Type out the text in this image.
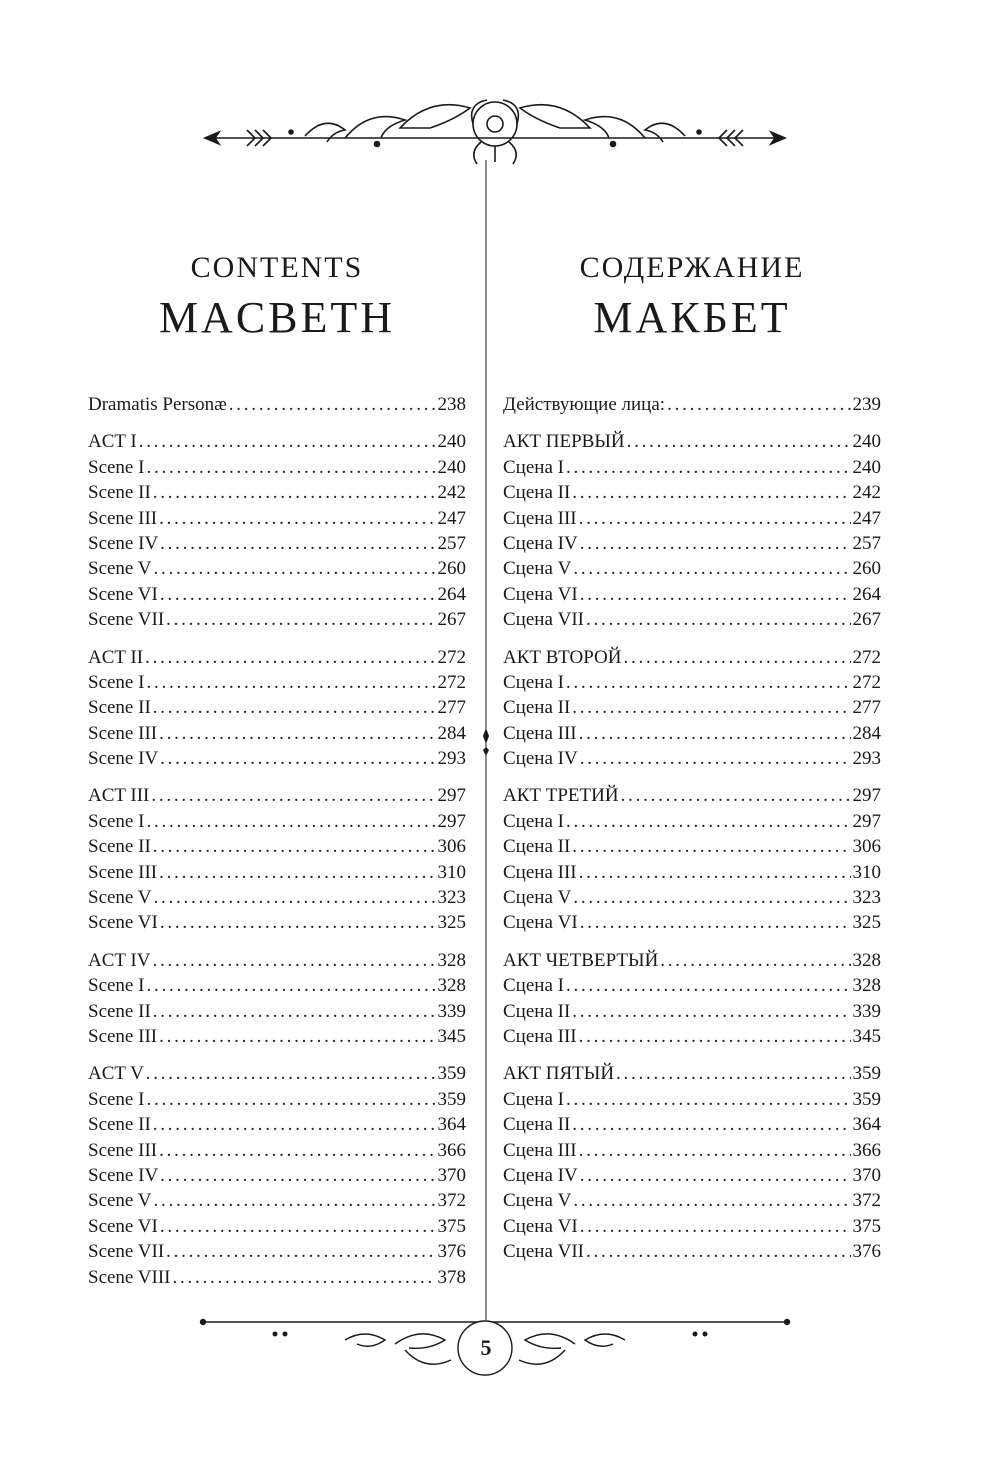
5
CONTENTS
MACBETH
Dramatis Personæ . . .	238
ACT I . . .	240
Scene I . . .	240
Scene II . . .	242
Scene III . . .	247
Scene IV . . .	257
Scene V . . .	260
Scene VI . . .	264
Scene VII . . .	267
ACT II . . .	272
Scene I . . .	272
Scene II . . .	277
Scene III . . .	284
Scene IV . . .	293
ACT III . . .	297
Scene I . . .	297
Scene II . . .	306
Scene III . . .	310
Scene V . . .	323
Scene VI . . .	325
ACT IV . . .	328
Scene I . . .	328
Scene II . . .	339
Scene III . . .	345
ACT V . . .	359
Scene I . . .	359
Scene II . . .	364
Scene III . . .	366
Scene IV . . .	370
Scene V . . .	372
Scene VI . . .	375
Scene VII . . .	376
Scene VIII . . .	378
СОДЕРЖАНИЕ
МАКБЕТ
Действующие лица: . . .	239
АКТ ПЕРВЫЙ . . .	240
Сцена I . . .	240
Сцена II . . .	242
Сцена III . . .	247
Сцена IV . . .	257
Сцена V . . .	260
Сцена VI . . .	264
Сцена VII . . .	267
АКТ ВТОРОЙ . . .	272
Сцена I . . .	272
Сцена II . . .	277
Сцена III . . .	284
Сцена IV . . .	293
АКТ ТРЕТИЙ . . .	297
Сцена I . . .	297
Сцена II . . .	306
Сцена III . . .	310
Сцена V . . .	323
Сцена VI . . .	325
АКТ ЧЕТВЕРТЫЙ . . .	328
Сцена I . . .	328
Сцена II . . .	339
Сцена III . . .	345
АКТ ПЯТЫЙ . . .	359
Сцена I . . .	359
Сцена II . . .	364
Сцена III . . .	366
Сцена IV . . .	370
Сцена V . . .	372
Сцена VI . . .	375
Сцена VII . . .	376
